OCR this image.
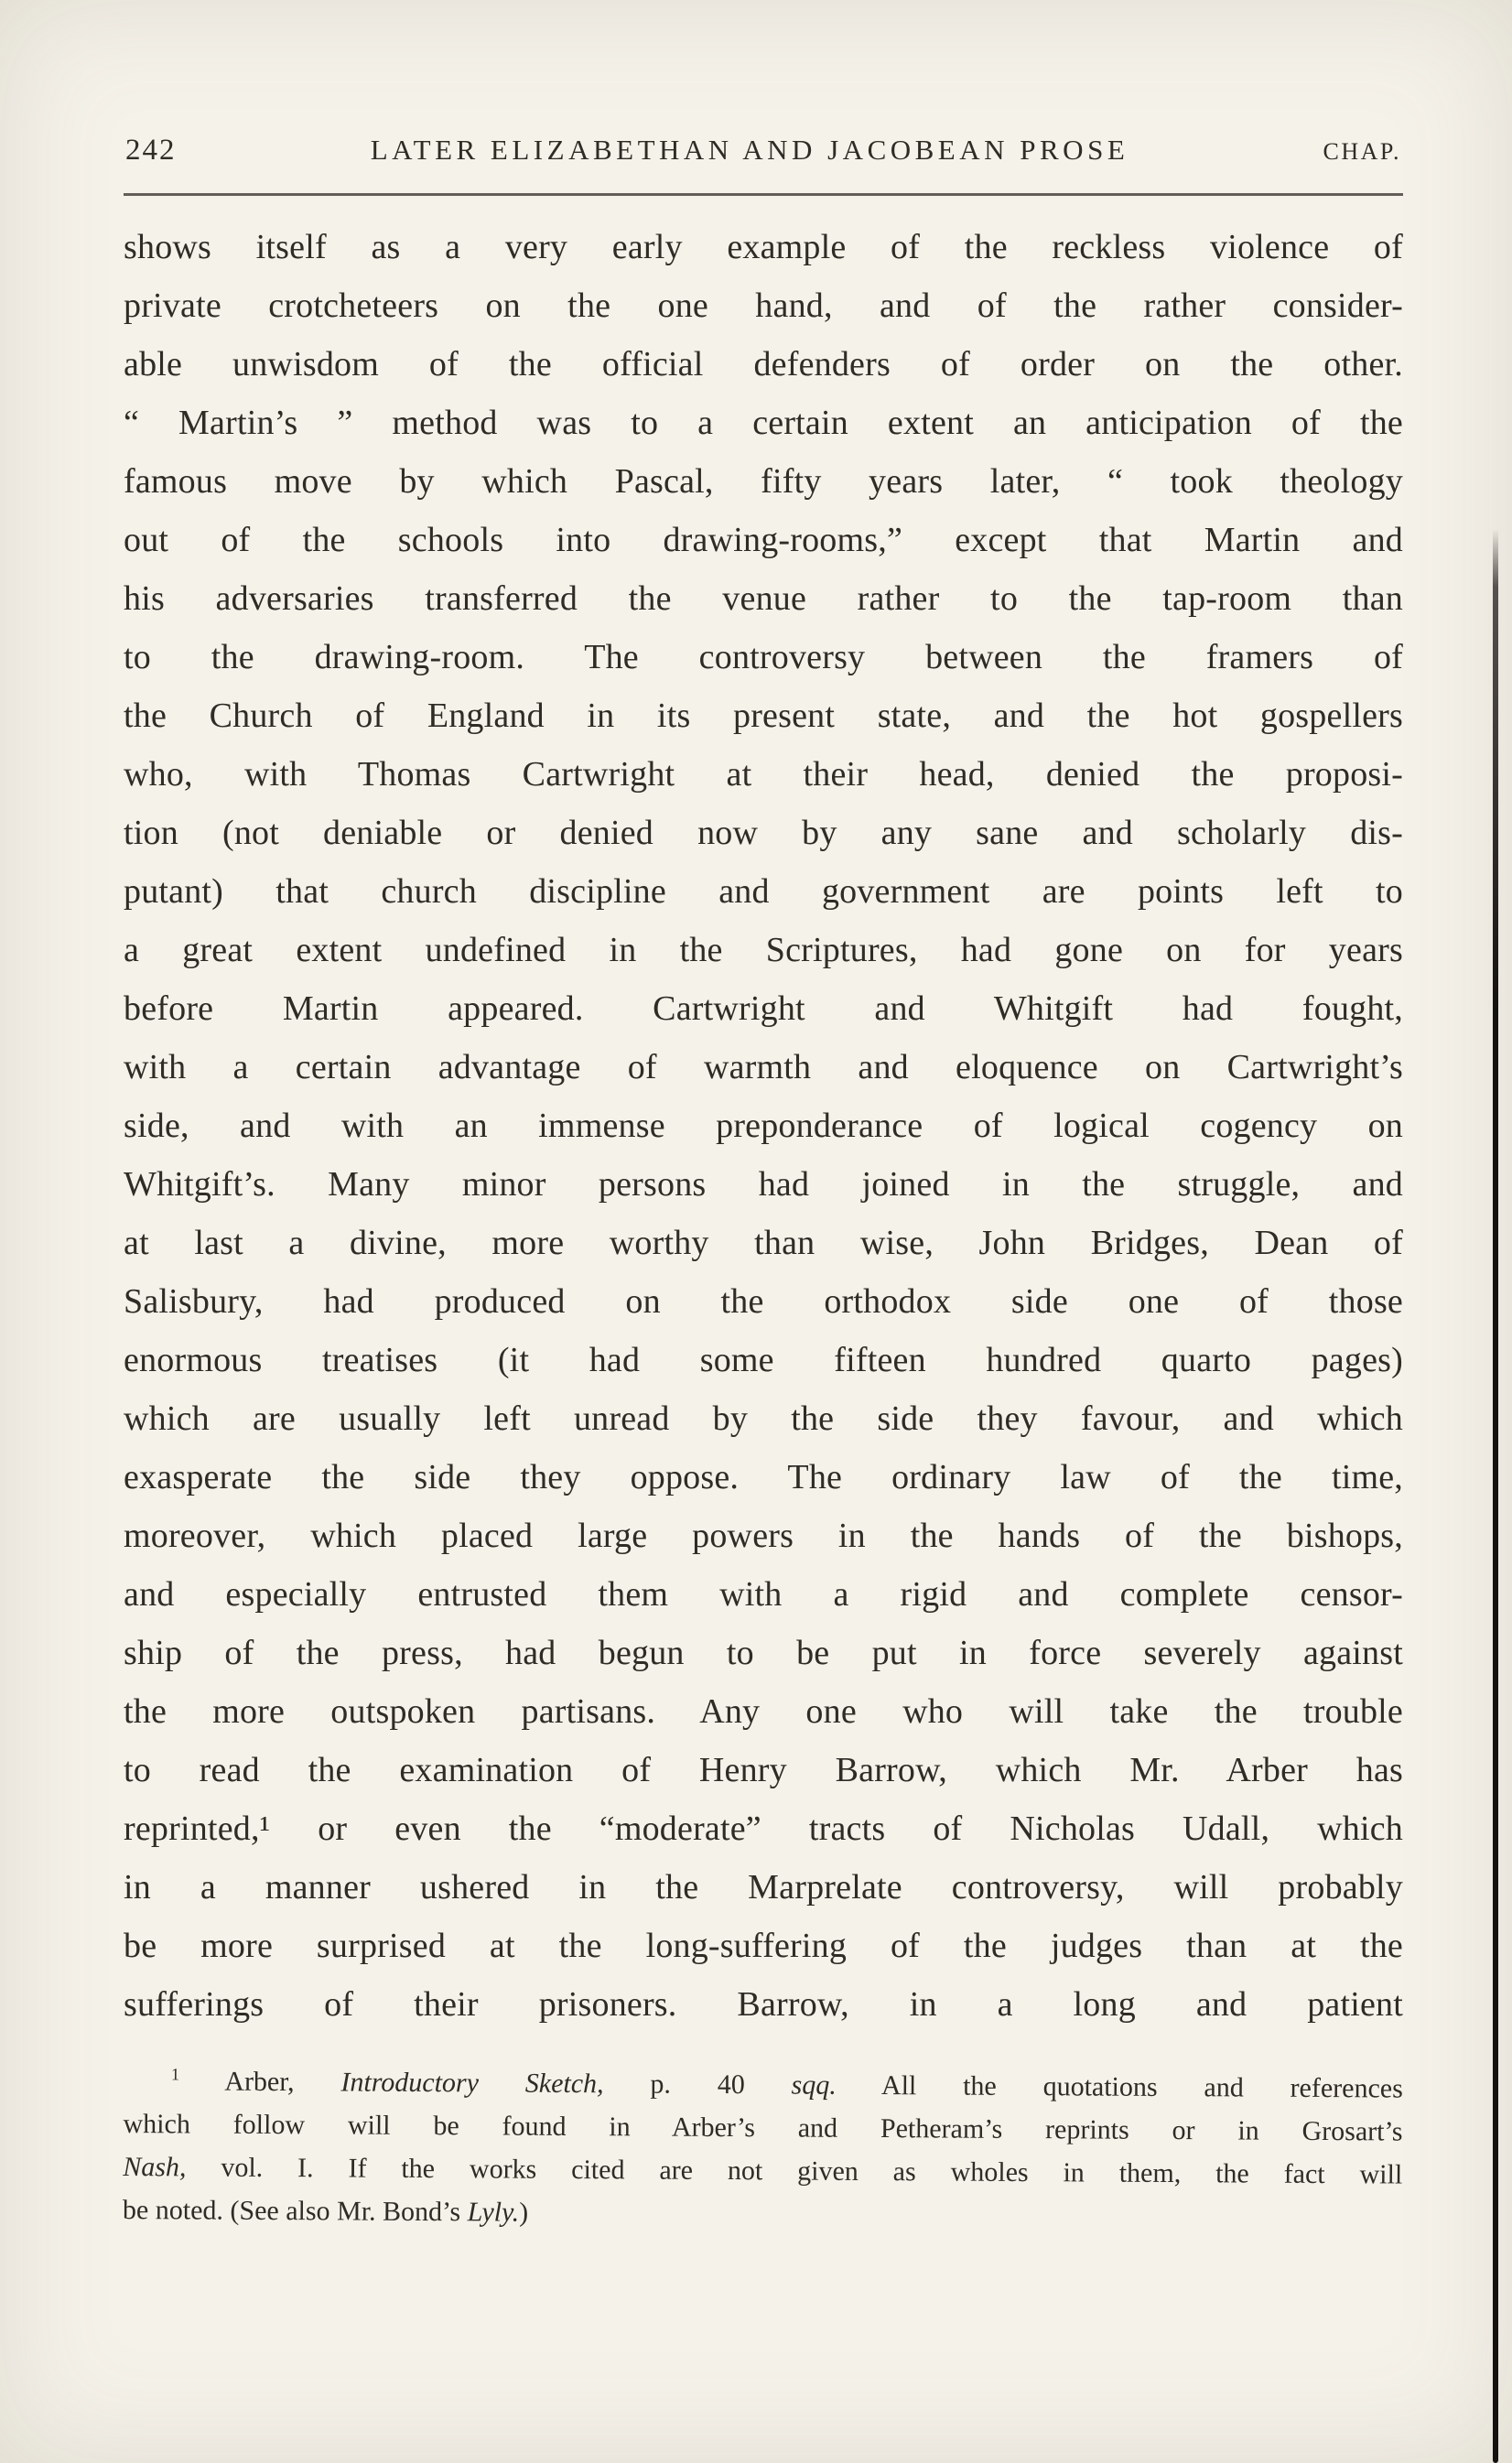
242	LATER ELIZABETHAN AND JACOBEAN PROSE	CHAP.
shows itself as a very early example of the reckless violence of
private crotcheteers on the one hand, and of the rather consider-
able unwisdom of the official defenders of order on the other.
“ Martin’s ” method was to a certain extent an anticipation of the
famous move by which Pascal, fifty years later, “ took theology
out of the schools into drawing-rooms,” except that Martin and
his adversaries transferred the venue rather to the tap-room than
to the drawing-room. The controversy between the framers of
the Church of England in its present state, and the hot gospellers
who, with Thomas Cartwright at their head, denied the proposi-
tion (not deniable or denied now by any sane and scholarly dis-
putant) that church discipline and government are points left to
a great extent undefined in the Scriptures, had gone on for years
before Martin appeared. Cartwright and Whitgift had fought,
with a certain advantage of warmth and eloquence on Cartwright’s
side, and with an immense preponderance of logical cogency on
Whitgift’s. Many minor persons had joined in the struggle, and
at last a divine, more worthy than wise, John Bridges, Dean of
Salisbury, had produced on the orthodox side one of those
enormous treatises (it had some fifteen hundred quarto pages)
which are usually left unread by the side they favour, and which
exasperate the side they oppose. The ordinary law of the time,
moreover, which placed large powers in the hands of the bishops,
and especially entrusted them with a rigid and complete censor-
ship of the press, had begun to be put in force severely against
the more outspoken partisans. Any one who will take the trouble
to read the examination of Henry Barrow, which Mr. Arber has
reprinted,¹ or even the “moderate” tracts of Nicholas Udall, which
in a manner ushered in the Marprelate controversy, will probably
be more surprised at the long-suffering of the judges than at the
sufferings of their prisoners. Barrow, in a long and patient
$^1$ Arber, Introductory Sketch, p. 40 sqq. All the quotations and references
which follow will be found in Arber’s and Petheram’s reprints or in Grosart’s
Nash, vol. I. If the works cited are not given as wholes in them, the fact will
be noted. (See also Mr. Bond’s Lyly.)
